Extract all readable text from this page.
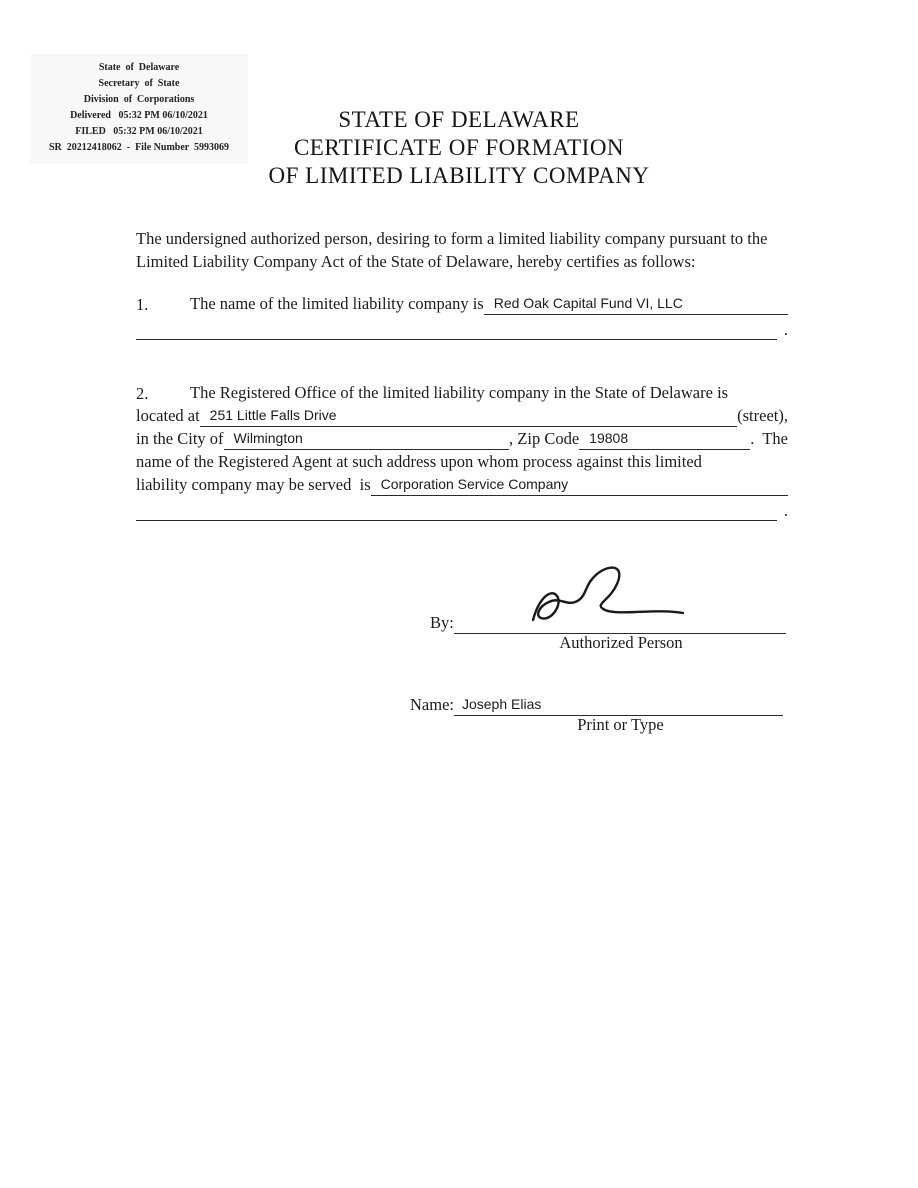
State  of  Delaware
Secretary  of  State
Division  of  Corporations
Delivered   05:32 PM 06/10/2021
FILED   05:32 PM 06/10/2021
SR  20212418062  -  File Number  5993069
STATE OF DELAWARE
CERTIFICATE OF FORMATION
OF LIMITED LIABILITY COMPANY

The undersigned authorized person, desiring to form a limited liability company pursuant to the Limited Liability Company Act of the State of Delaware, hereby certifies as follows:

1.	The name of the limited liability company is Red Oak Capital Fund VI, LLC
.
2.	The Registered Office of the limited liability company in the State of Delaware is
located at 251 Little Falls Drive	(street),
in the City of Wilmington	, Zip Code 19808	.  The
name of the Registered Agent at such address upon whom process against this limited
liability company may be served  is Corporation Service Company
.
By:
Authorized Person
Name: Joseph Elias
Print or Type
